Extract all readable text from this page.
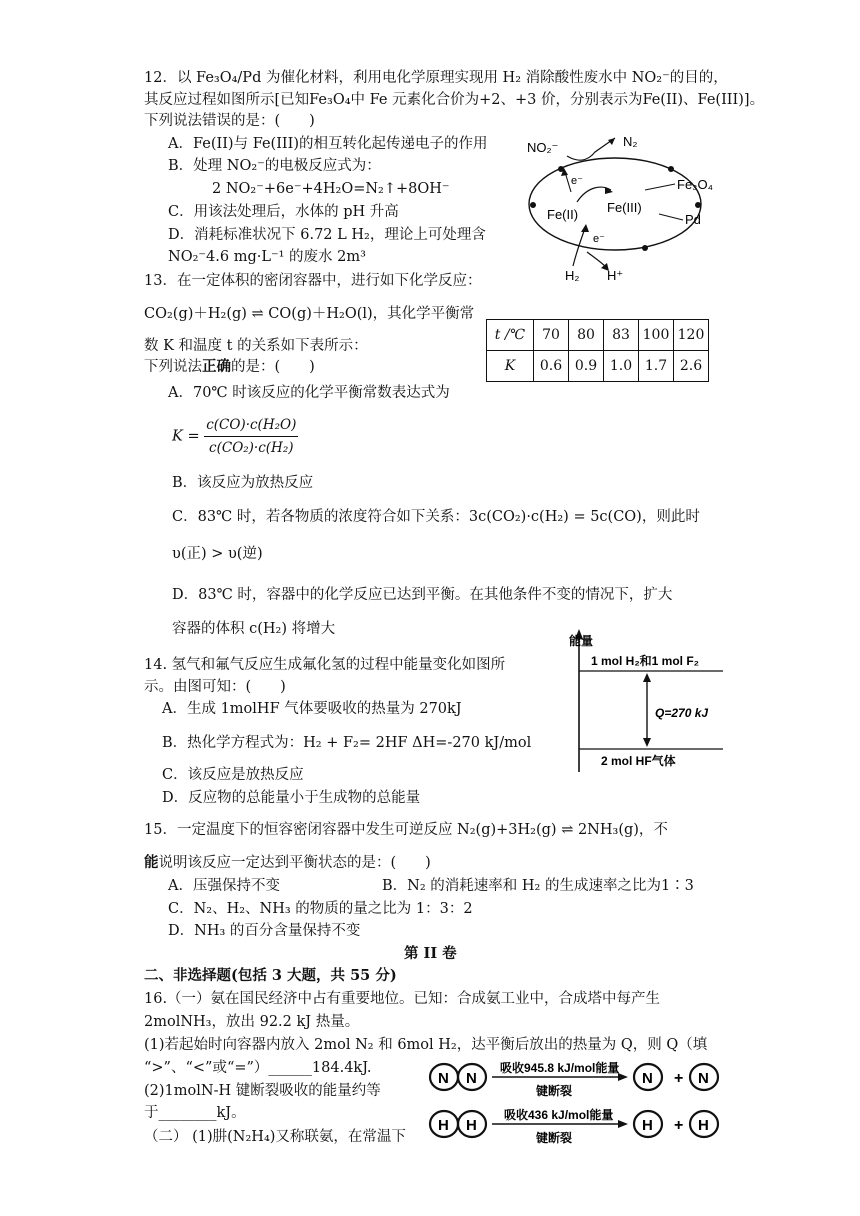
12．以 Fe₃O₄/Pd 为催化材料，利用电化学原理实现用 H₂ 消除酸性废水中 NO₂⁻的目的，
其反应过程如图所示[已知Fe₃O₄中 Fe 元素化合价为+2、+3 价，分别表示为Fe(II)、Fe(III)]。
下列说法错误的是：(　　)
A．Fe(II)与 Fe(III)的相互转化起传递电子的作用
B．处理 NO₂⁻的电极反应式为：
2 NO₂⁻+6e⁻+4H₂O=N₂↑+8OH⁻
C．用该法处理后，水体的 pH 升高
D．消耗标准状况下 6.72 L H₂，理论上可处理含
NO₂⁻4.6 mg·L⁻¹ 的废水 2m³
NO₂⁻	N₂
Fe₃O₄
Fe(II) Fe(III)
Pd
e⁻
e⁻
H₂ H⁺
13．在一定体积的密闭容器中，进行如下化学反应：
CO₂(g)＋H₂(g) ⇌ CO(g)＋H₂O(l)，其化学平衡常
数 K 和温度 t 的关系如下表所示：
下列说法正确的是：(　　)
t /℃	70	80	83	100	120
K	0.6	0.9	1.0	1.7	2.6
A．70℃ 时该反应的化学平衡常数表达式为
$K = \frac{\text{c(CO)·c(H₂O)}}{\text{c(CO₂)·c(H₂)}}$
B．该反应为放热反应
C．83℃ 时，若各物质的浓度符合如下关系：3c(CO₂)·c(H₂) = 5c(CO)，则此时
υ(正) > υ(逆)
D．83℃ 时，容器中的化学反应已达到平衡。在其他条件不变的情况下，扩大
容器的体积 c(H₂) 将增大
能量
1 mol H₂和1 mol F₂
2 mol HF气体
Q=270 kJ
14. 氢气和氟气反应生成氟化氢的过程中能量变化如图所
示。由图可知：(　　)
A．生成 1molHF 气体要吸收的热量为 270kJ
B．热化学方程式为：H₂ + F₂= 2HF ΔH=-270 kJ/mol
C．该反应是放热反应
D．反应物的总能量小于生成物的总能量
15．一定温度下的恒容密闭容器中发生可逆反应 N₂(g)+3H₂(g) ⇌ 2NH₃(g)，不
能说明该反应一定达到平衡状态的是：(　　)
A．压强保持不变	B．N₂ 的消耗速率和 H₂ 的生成速率之比为1∶3
C．N₂、H₂、NH₃ 的物质的量之比为 1：3：2
D．NH₃ 的百分含量保持不变
第 II 卷
二、非选择题(包括 3 大题，共 55 分)
16.（一）氨在国民经济中占有重要地位。已知：合成氨工业中，合成塔中每产生
2molNH₃，放出 92.2 kJ 热量。
(1)若起始时向容器内放入 2mol N₂ 和 6mol H₂，达平衡后放出的热量为 Q，则 Q（填
“>”、“<”或“=”）______184.4kJ.
(2)1molN-H 键断裂吸收的能量约等
于________kJ。
（二） (1)肼(N₂H₄)又称联氨，在常温下
N N
吸收945.8 kJ/mol能量
键断裂
N + N
H H
吸收436 kJ/mol能量
键断裂
H + H
